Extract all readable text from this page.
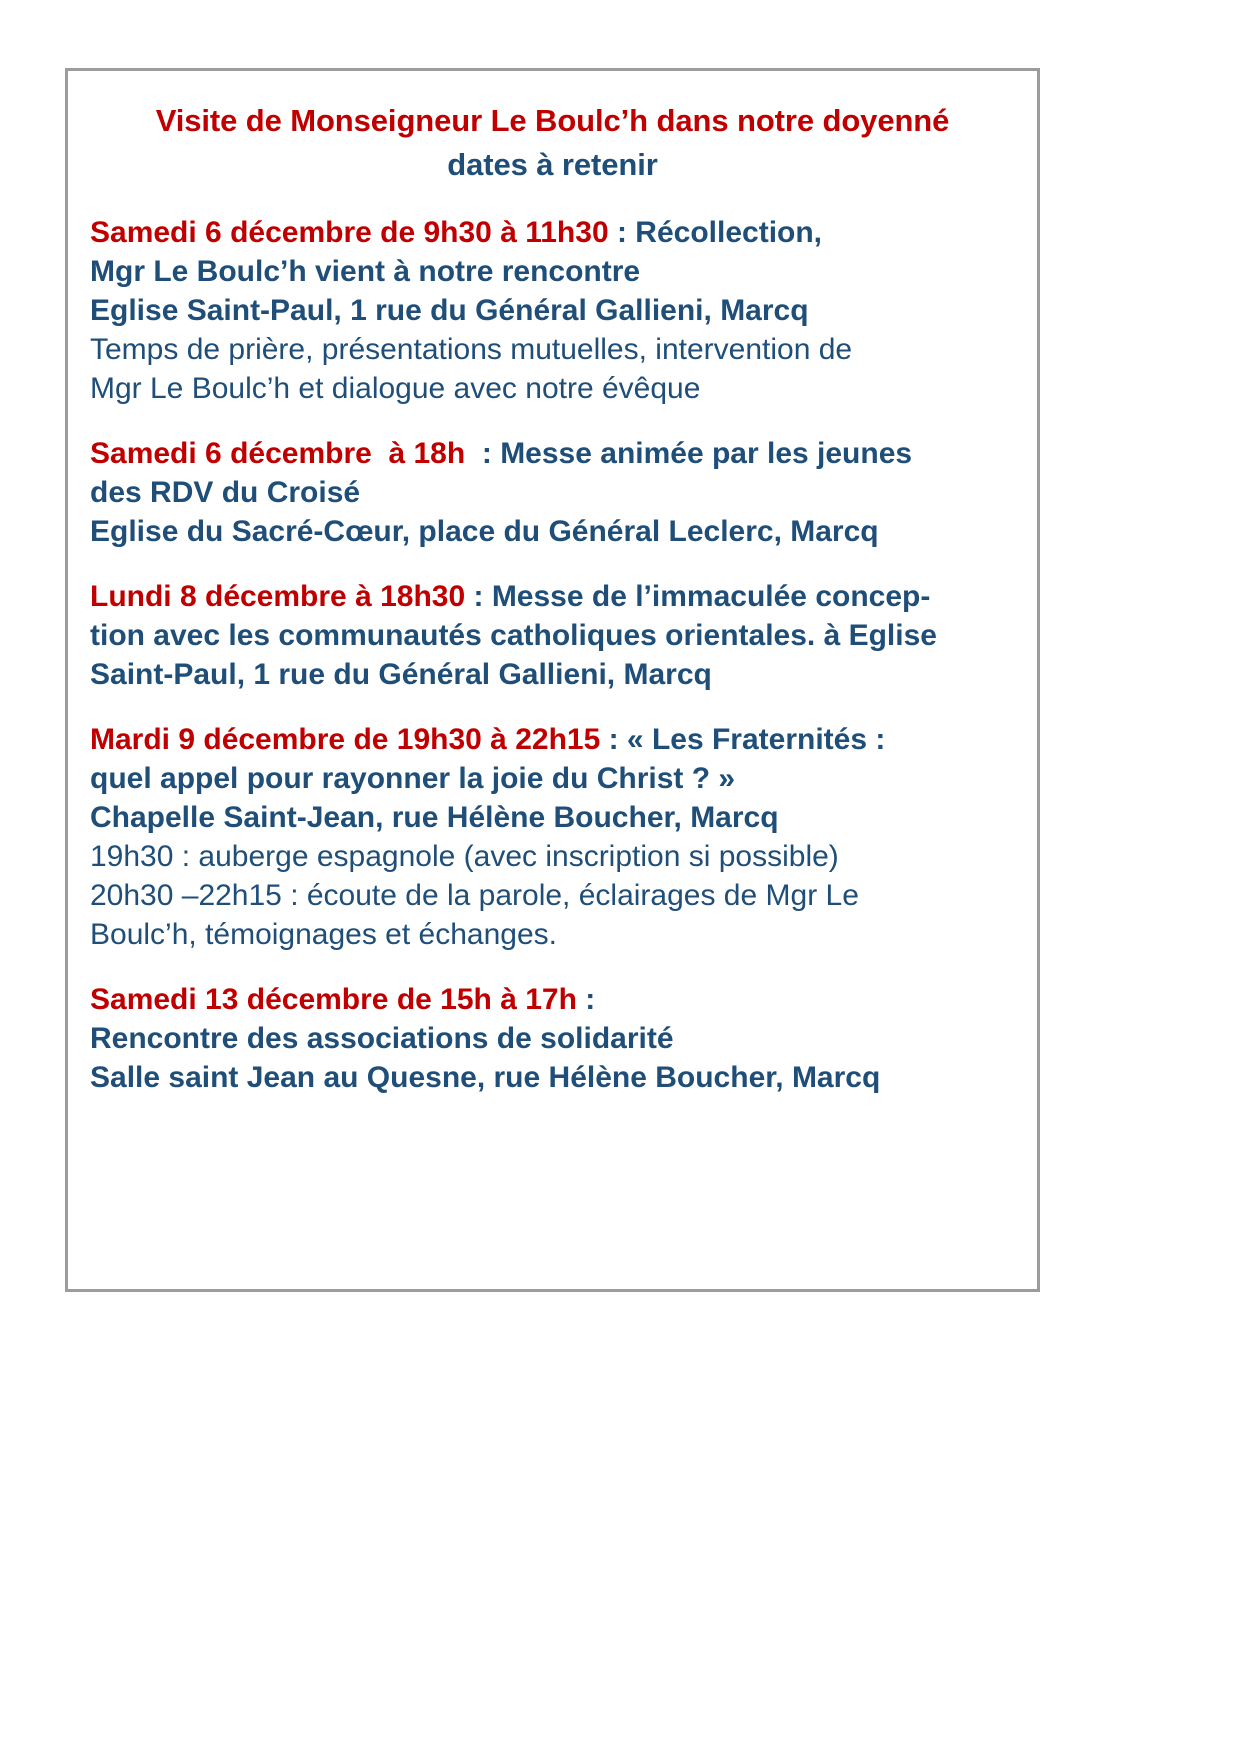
Visite de Monseigneur Le Boulc’h dans notre doyenné
dates à retenir
Samedi 6 décembre de 9h30 à 11h30 : Récollection,
Mgr Le Boulc’h vient à notre rencontre
Eglise Saint-Paul, 1 rue du Général Gallieni, Marcq
Temps de prière, présentations mutuelles, intervention de
Mgr Le Boulc’h et dialogue avec notre évêque
Samedi 6 décembre  à 18h  : Messe animée par les jeunes
des RDV du Croisé
Eglise du Sacré-Cœur, place du Général Leclerc, Marcq
Lundi 8 décembre à 18h30 : Messe de l’immaculée concep-
tion avec les communautés catholiques orientales. à Eglise
Saint-Paul, 1 rue du Général Gallieni, Marcq
Mardi 9 décembre de 19h30 à 22h15 : « Les Fraternités :
quel appel pour rayonner la joie du Christ ? »
Chapelle Saint-Jean, rue Hélène Boucher, Marcq
19h30 : auberge espagnole (avec inscription si possible)
20h30 –22h15 : écoute de la parole, éclairages de Mgr Le
Boulc’h, témoignages et échanges.
Samedi 13 décembre de 15h à 17h :
Rencontre des associations de solidarité
Salle saint Jean au Quesne, rue Hélène Boucher, Marcq
